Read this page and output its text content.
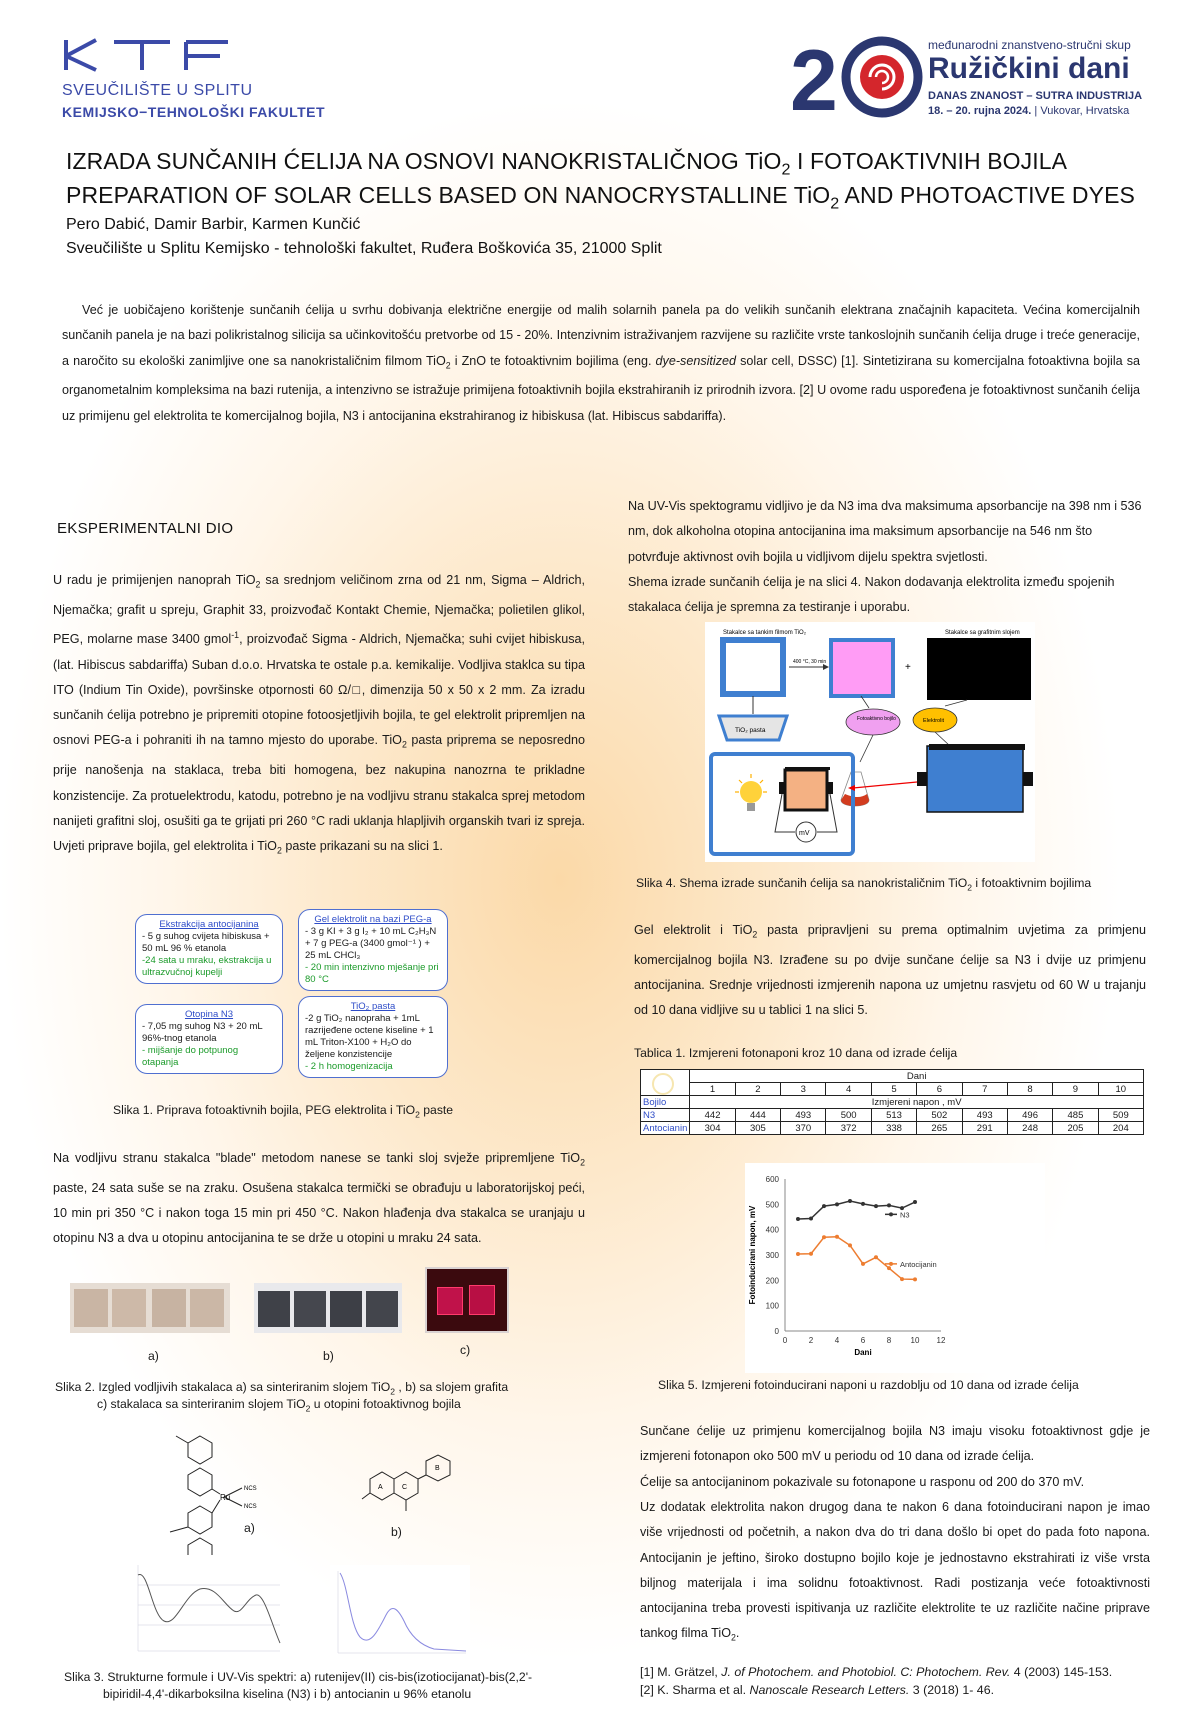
SVEUČILIŠTE U SPLITU
KEMIJSKO−TEHNOLOŠKI FAKULTET	2	međunarodni znanstveno-stručni skup
Ružičkini dani
DANAS ZNANOST – SUTRA INDUSTRIJA
18. – 20. rujna 2024. | Vukovar, Hrvatska
IZRADA SUNČANIH ĆELIJA NA OSNOVI NANOKRISTALIČNOG TiO$_2$ I FOTOAKTIVNIH BOJILA
PREPARATION OF SOLAR CELLS BASED ON NANOCRYSTALLINE TiO$_2$ AND PHOTOACTIVE DYES
Pero Dabić, Damir Barbir, Karmen Kunčić
Sveučilište u Splitu Kemijsko - tehnološki fakultet, Ruđera Boškovića 35, 21000 Split

Već je uobičajeno korištenje sunčanih ćelija u svrhu dobivanja električne energije od malih solarnih panela pa do velikih sunčanih elektrana značajnih kapaciteta. Većina komercijalnih sunčanih panela je na bazi polikristalnog silicija sa učinkovitošću pretvorbe od 15 - 20%. Intenzivnim istraživanjem razvijene su različite vrste tankoslojnih sunčanih ćelija druge i treće generacije, a naročito su ekološki zanimljive one sa nanokristaličnim filmom TiO$_2$ i ZnO te fotoaktivnim bojilima (eng. dye-sensitized solar cell, DSSC) [1]. Sintetizirana su komercijalna fotoaktivna bojila sa organometalnim kompleksima na bazi rutenija, a intenzivno se istražuje primijena fotoaktivnih bojila ekstrahiranih iz prirodnih izvora. [2] U ovome radu uspoređena je fotoaktivnost sunčanih ćelija uz primijenu gel elektrolita te komercijalnog bojila, N3 i antocijanina ekstrahiranog iz hibiskusa (lat. Hibiscus sabdariffa).

EKSPERIMENTALNI DIO

U radu je primijenjen nanoprah TiO$_2$ sa srednjom veličinom zrna od 21 nm, Sigma – Aldrich, Njemačka; grafit u spreju, Graphit 33, proizvođač Kontakt Chemie, Njemačka; polietilen glikol, PEG, molarne mase 3400 gmol$^{-1}$, proizvođač Sigma - Aldrich, Njemačka; suhi cvijet hibiskusa, (lat. Hibiscus sabdariffa) Suban d.o.o. Hrvatska te ostale p.a. kemikalije. Vodljiva staklca su tipa ITO (Indium Tin Oxide), površinske otpornosti 60 Ω/□, dimenzija 50 x 50 x 2 mm. Za izradu sunčanih ćelija potrebno je pripremiti otopine fotoosjetljivih bojila, te gel elektrolit pripremljen na osnovi PEG-a i pohraniti ih na tamno mjesto do uporabe. TiO$_2$ pasta priprema se neposredno prije nanošenja na staklaca, treba biti homogena, bez nakupina nanozrna te prikladne konzistencije. Za protuelektrodu, katodu, potrebno je na vodljivu stranu stakalca sprej metodom nanijeti grafitni sloj, osušiti ga te grijati pri 260 °C radi uklanja hlapljivih organskih tvari iz spreja. Uvjeti priprave bojila, gel elektrolita i TiO$_2$ paste prikazani su na slici 1.

Ekstrakcija antocijanina
- 5 g suhog cvijeta hibiskusa + 50 mL 96 % etanola
-24 sata u mraku, ekstrakcija u ultrazvučnoj kupelji
Gel elektrolit na bazi PEG-a
- 3 g KI + 3 g I₂ + 10 mL C₂H₃N + 7 g PEG-a (3400 gmol⁻¹ ) + 25 mL CHCl₃
- 20 min intenzivno mješanje pri 80 °C
Otopina N3
- 7,05 mg suhog N3 + 20 mL 96%-tnog etanola
- mijšanje do potpunog otapanja
TiO₂ pasta
-2 g TiO₂ nanopraha + 1mL razrijeđene octene kiseline + 1 mL Triton-X100 + H₂O do željene konzistencije
- 2 h homogenizacija
Slika 1. Priprava fotoaktivnih bojila, PEG elektrolita i TiO$_2$ paste

Na vodljivu stranu stakalca "blade" metodom nanese se tanki sloj svježe pripremljene TiO$_2$ paste, 24 sata suše se na zraku. Osušena stakalca termički se obrađuju u laboratorijskoj peći, 10 min pri 350 °C i nakon toga 15 min pri 450 °C. Nakon hlađenja dva stakalca se uranjaju u otopinu N3 a dva u otopinu antocijanina te se drže u otopini u mraku 24 sata.

a)	b)	c)
Slika 2. Izgled vodljivih stakalaca a) sa sinteriranim slojem TiO$_2$ , b) sa slojem grafita
c) stakalaca sa sinteriranim slojem TiO$_2$ u otopini fotoaktivnog bojila
Ru
NCS
NCS
a)
A	C
B
b)
Slika 3. Strukturne formule i UV-Vis spektri: a) rutenijev(II) cis-bis(izotiocijanat)-bis(2,2'-
bipiridil-4,4'-dikarboksilna kiselina (N3) i b) antocianin u 96% etanolu

Na UV-Vis spektogramu vidljivo je da N3 ima dva maksimuma apsorbancije na 398 nm i 536 nm, dok alkoholna otopina antocijanina ima maksimum apsorbancije na 546 nm što potvrđuje aktivnost ovih bojila u vidljivom dijelu spektra svjetlosti.

Shema izrade sunčanih ćelija je na slici 4. Nakon dodavanja elektrolita između spojenih stakalaca ćelija je spremna za testiranje i uporabu.

Stakalce sa tankim filmom TiO₂
400 °C, 30 min	+
Stakalce sa grafitnim slojem
TiO₂ pasta
Fotoaktivno bojilo	Elektrolit
mV
Slika 4. Shema izrade sunčanih ćelija sa nanokristaličnim TiO$_2$ i fotoaktivnim bojilima

Gel elektrolit i TiO$_2$ pasta pripravljeni su prema optimalnim uvjetima za primjenu komercijalnog bojila N3. Izrađene su po dvije sunčane ćelije sa N3 i dvije uz primjenu antocijanina. Srednje vrijednosti izmjerenih napona uz umjetnu rasvjetu od 60 W u trajanju od 10 dana vidljive su u tablici 1 na slici 5.

Tablica 1. Izmjereni fotonaponi kroz 10 dana od izrade ćelija
	Dani									
	1	2	3	4	5	6	7	8	9	10
Bojilo	Izmjereni napon , mV									
N3	442	444	493	500	513	502	493	496	485	509
Antocianin	304	305	370	372	338	265	291	248	205	204
0	2	4	6	8 10 12
0
100
200
300
400
500
600
Dani
Fotoinducirani napon, mV	N3
Antocijanin
Slika 5. Izmjereni fotoinducirani naponi u razdoblju od 10 dana od izrade ćelija

Sunčane ćelije uz primjenu komercijalnog bojila N3 imaju visoku fotoaktivnost gdje je izmjereni fotonapon oko 500 mV u periodu od 10 dana od izrade ćelija.

Ćelije sa antocijaninom pokazivale su fotonapone u rasponu od 200 do 370 mV.

Uz dodatak elektrolita nakon drugog dana te nakon 6 dana fotoinducirani napon je imao više vrijednosti od početnih, a nakon dva do tri dana došlo bi opet do pada foto napona. Antocijanin je jeftino, široko dostupno bojilo koje je jednostavno ekstrahirati iz više vrsta biljnog materijala i ima solidnu fotoaktivnost. Radi postizanja veće fotoaktivnosti antocijanina treba provesti ispitivanja uz različite elektrolite te uz različite načine priprave tankog filma TiO$_2$.

[1] M. Grätzel, J. of Photochem. and Photobiol. C: Photochem. Rev. 4 (2003) 145-153.
[2] K. Sharma et al. Nanoscale Research Letters. 3 (2018) 1- 46.
